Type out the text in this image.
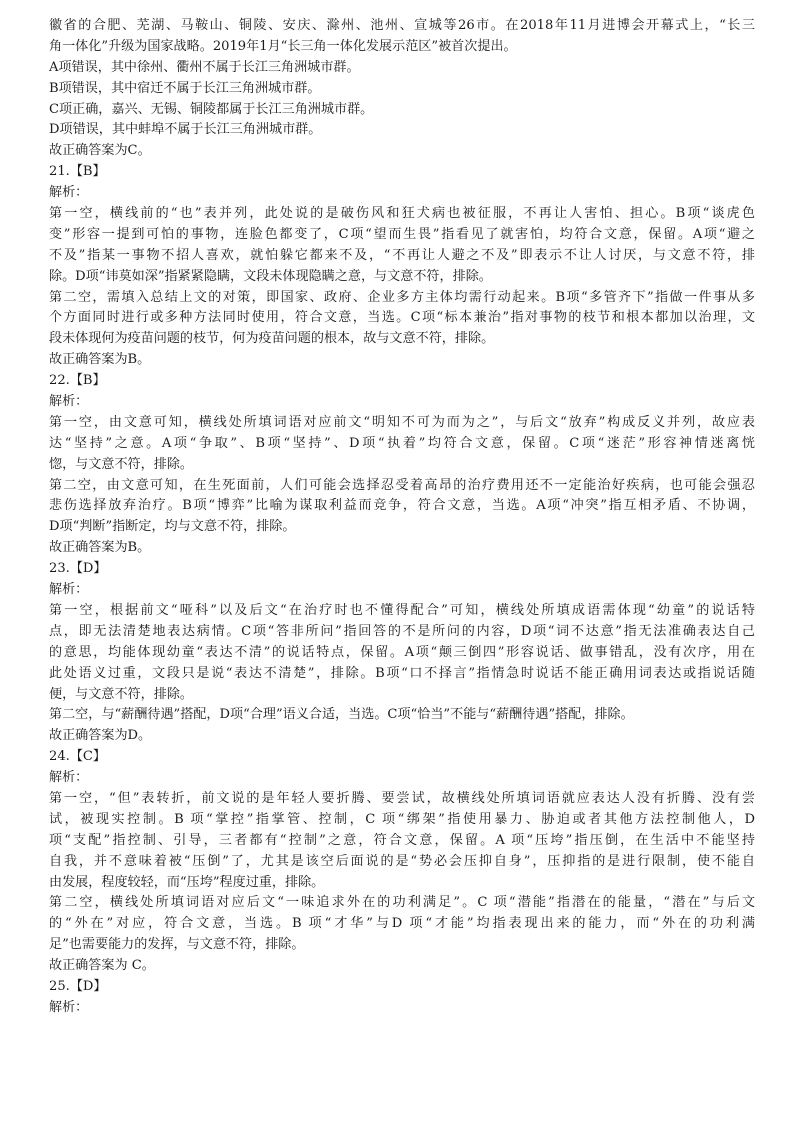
徽省的合肥、芜湖、马鞍山、铜陵、安庆、滁州、池州、宣城等26市。在2018年11月进博会开幕式上，“长三
角一体化”升级为国家战略。2019年1月“长三角一体化发展示范区”被首次提出。
A项错误，其中徐州、衢州不属于长江三角洲城市群。
B项错误，其中宿迁不属于长江三角洲城市群。
C项正确，嘉兴、无锡、铜陵都属于长江三角洲城市群。
D项错误，其中蚌埠不属于长江三角洲城市群。
故正确答案为C。
21.【B】
解析：
第一空，横线前的“也”表并列，此处说的是破伤风和狂犬病也被征服，不再让人害怕、担心。B项“谈虎色
变”形容一提到可怕的事物，连脸色都变了，C项“望而生畏”指看见了就害怕，均符合文意，保留。A项“避之
不及”指某一事物不招人喜欢，就怕躲它都来不及，“不再让人避之不及”即表示不让人讨厌，与文意不符，排
除。D项“讳莫如深”指紧紧隐瞒，文段未体现隐瞒之意，与文意不符，排除。
第二空，需填入总结上文的对策，即国家、政府、企业多方主体均需行动起来。B项“多管齐下”指做一件事从多
个方面同时进行或多种方法同时使用，符合文意，当选。C项“标本兼治”指对事物的枝节和根本都加以治理，文
段未体现何为疫苗问题的枝节，何为疫苗问题的根本，故与文意不符，排除。
故正确答案为B。
22.【B】
解析：
第一空，由文意可知，横线处所填词语对应前文“明知不可为而为之”，与后文“放弃”构成反义并列，故应表
达“坚持”之意。A项“争取”、B项“坚持”、D项“执着”均符合文意，保留。C项“迷茫”形容神情迷离恍
惚，与文意不符，排除。
第二空，由文意可知，在生死面前，人们可能会选择忍受着高昂的治疗费用还不一定能治好疾病，也可能会强忍
悲伤选择放弃治疗。B项“博弈”比喻为谋取利益而竞争，符合文意，当选。A项“冲突”指互相矛盾、不协调，
D项“判断”指断定，均与文意不符，排除。
故正确答案为B。
23.【D】
解析：
第一空，根据前文“哑科”以及后文“在治疗时也不懂得配合”可知，横线处所填成语需体现“幼童”的说话特
点，即无法清楚地表达病情。C项“答非所问”指回答的不是所问的内容，D项“词不达意”指无法准确表达自己
的意思，均能体现幼童“表达不清”的说话特点，保留。A项“颠三倒四”形容说话、做事错乱，没有次序，用在
此处语义过重，文段只是说“表达不清楚”，排除。B项“口不择言”指情急时说话不能正确用词表达或指说话随
便，与文意不符，排除。
第二空，与“薪酬待遇”搭配，D项“合理”语义合适，当选。C项“恰当”不能与“薪酬待遇”搭配，排除。
故正确答案为D。
24.【C】
解析：
第一空，“但”表转折，前文说的是年轻人要折腾、要尝试，故横线处所填词语就应表达人没有折腾、没有尝
试，被现实控制。B 项“掌控”指掌管、控制，C 项“绑架”指使用暴力、胁迫或者其他方法控制他人，D
项“支配”指控制、引导，三者都有“控制”之意，符合文意，保留。A 项“压垮”指压倒，在生活中不能坚持
自我，并不意味着被“压倒”了，尤其是该空后面说的是“势必会压抑自身”，压抑指的是进行限制，使不能自
由发展，程度较轻，而“压垮”程度过重，排除。
第二空，横线处所填词语对应后文“一味追求外在的功利满足”。C 项“潜能”指潜在的能量，“潜在”与后文
的“外在”对应，符合文意，当选。B 项“才华”与D 项“才能”均指表现出来的能力，而“外在的功利满
足”也需要能力的发挥，与文意不符，排除。
故正确答案为 C。
25.【D】
解析：
